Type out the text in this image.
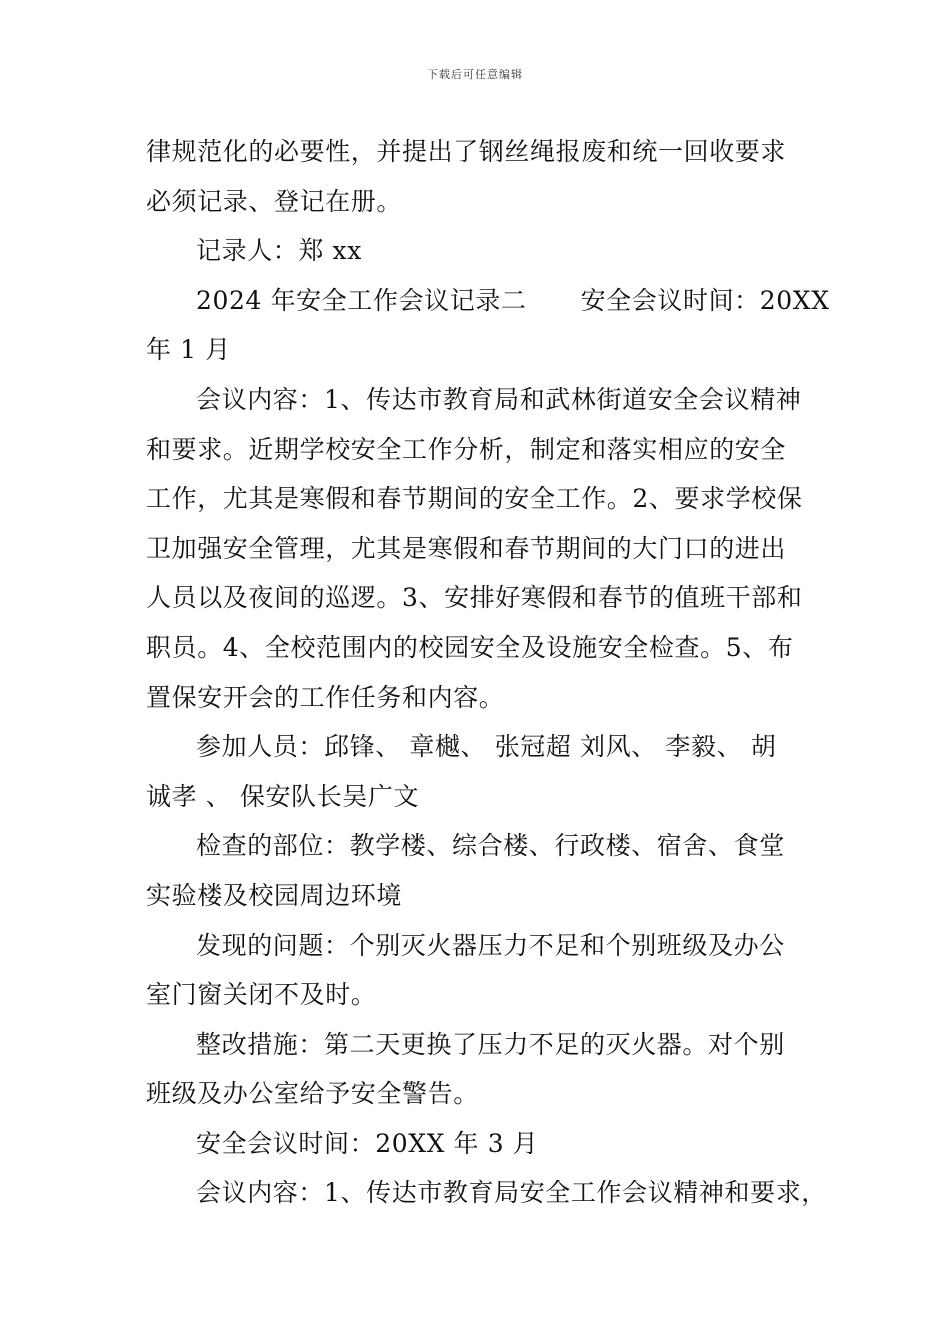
下载后可任意编辑
律规范化的必要性，并提出了钢丝绳报废和统一回收要求
必须记录、登记在册。
记录人：郑 xx
2024 年安全工作会议记录二 安全会议时间：20XX
年 1 月
会议内容：1、传达市教育局和武林街道安全会议精神
和要求。近期学校安全工作分析，制定和落实相应的安全
工作，尤其是寒假和春节期间的安全工作。2、要求学校保
卫加强安全管理，尤其是寒假和春节期间的大门口的进出
人员以及夜间的巡逻。3、安排好寒假和春节的值班干部和
职员。4、全校范围内的校园安全及设施安全检查。5、布
置保安开会的工作任务和内容。
参加人员：邱锋、 章樾、 张冠超 刘风、 李毅、 胡
诚孝 、 保安队长吴广文
检查的部位：教学楼、综合楼、行政楼、宿舍、食堂
实验楼及校园周边环境
发现的问题：个别灭火器压力不足和个别班级及办公
室门窗关闭不及时。
整改措施：第二天更换了压力不足的灭火器。对个别
班级及办公室给予安全警告。
安全会议时间：20XX 年 3 月
会议内容：1、传达市教育局安全工作会议精神和要求，
